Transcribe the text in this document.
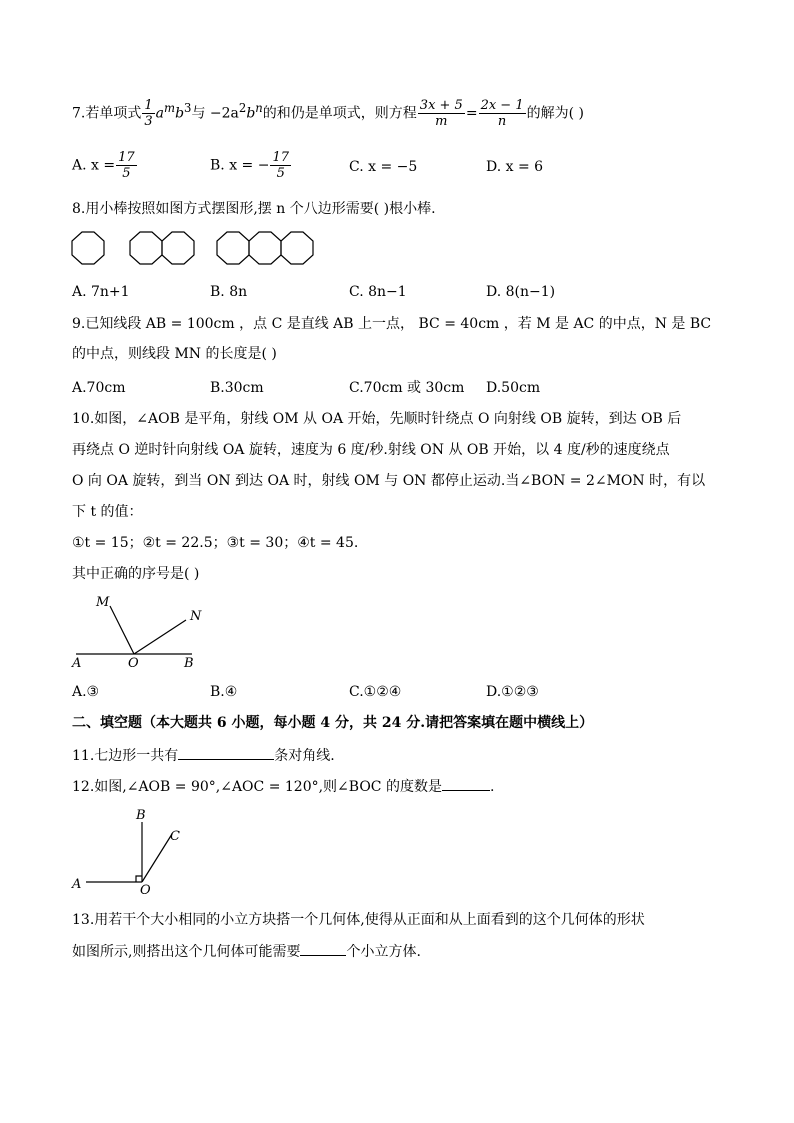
7.若单项式 $\frac{1}{3} a^mb^3$与 $-2a^2b^n$的和仍是单项式，则方程 $\frac{3x + 5}{m} = \frac{2x - 1}{n}$ 的解为( )
A. $x = \frac{17}{5}$	B. x = − $\frac{17}{5}$	C. x = −5	D. x = 6
8.用小棒按照如图方式摆图形,摆 n 个八边形需要( )根小棒.
A. 7n+1	B. 8n	C. 8n−1	D. 8(n−1)
9.已知线段 AB = 100cm ，点 C 是直线 AB 上一点， BC = 40cm ，若 M 是 AC 的中点，N 是 BC
的中点，则线段 MN 的长度是( )
A.70cm	B.30cm	C.70cm 或 30cm D.50cm
10.如图，∠AOB 是平角，射线 OM 从 OA 开始，先顺时针绕点 O 向射线 OB 旋转，到达 OB 后
再绕点 O 逆时针向射线 OA 旋转，速度为 6 度/秒.射线 ON 从 OB 开始，以 4 度/秒的速度绕点
O 向 OA 旋转，到当 ON 到达 OA 时，射线 OM 与 ON 都停止运动.当∠BON = 2∠MON 时，有以
下 t 的值：
①t = 15；②t = 22.5；③t = 30；④t = 45.
其中正确的序号是( )
M
N
A	O	B
A.③	B.④	C.①②④	D.①②③
二、填空题（本大题共 6 小题，每小题 4 分，共 24 分.请把答案填在题中横线上）
11.七边形一共有	条对角线.
12.如图,∠AOB = 90°,∠AOC = 120°,则∠BOC 的度数是	.
B
C
A	O
13.用若干个大小相同的小立方块搭一个几何体,使得从正面和从上面看到的这个几何体的形状
如图所示,则搭出这个几何体可能需要	个小立方体.
